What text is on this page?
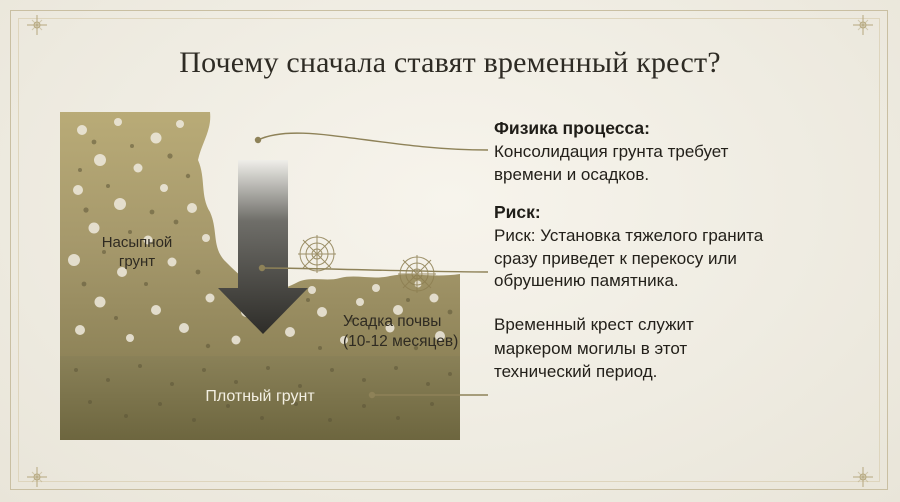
Почему сначала ставят временный крест?
Насыпной
грунт
Плотный грунт
Усадка почвы
(10-12 месяцев)
Физика процесса:
Консолидация грунта требует
времени и осадков.
Риск:
Риск: Установка тяжелого гранита
сразу приведет к перекосу или
обрушению памятника.
Временный крест служит
маркером могилы в этот
технический период.
